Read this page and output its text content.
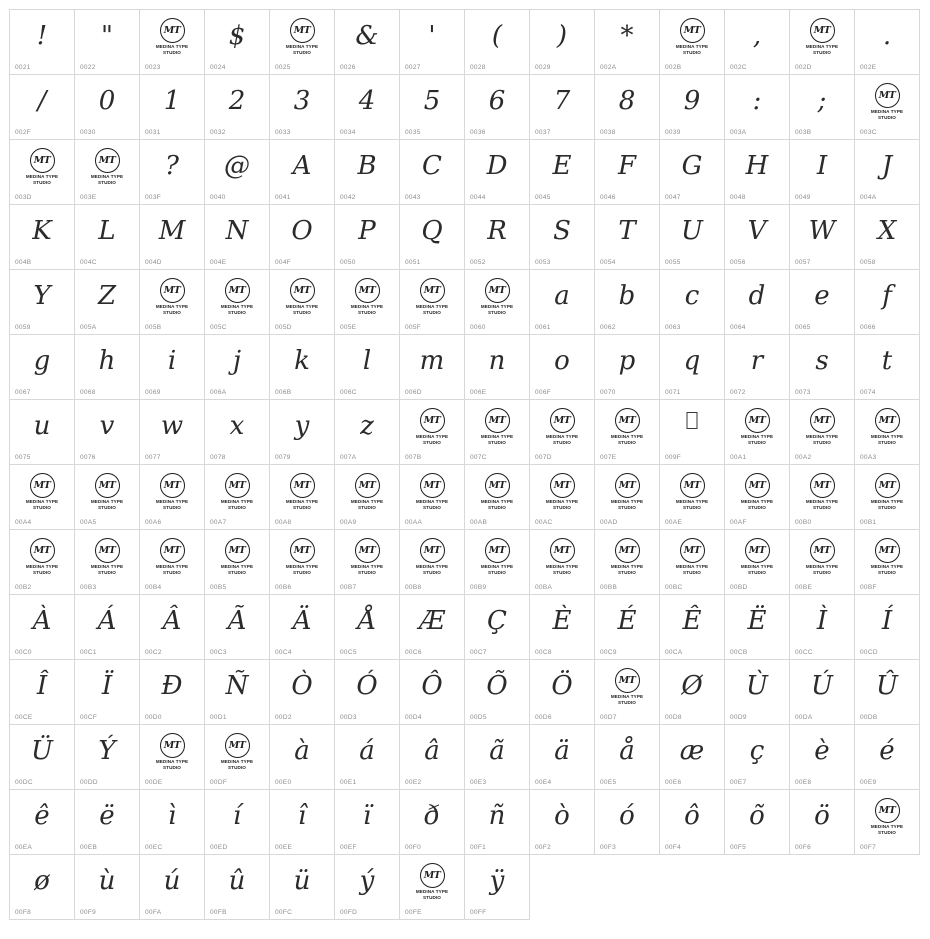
!
0021
"
0022
MT
MEDINA TYPE
STUDIO
0023
$
0024
MT
MEDINA TYPE
STUDIO
0025
&
0026
'
0027
(
0028
)
0029
*
002A
MT
MEDINA TYPE
STUDIO
002B
,
002C
MT
MEDINA TYPE
STUDIO
002D
.
002E
/
002F
0
0030
1
0031
2
0032
3
0033
4
0034
5
0035
6
0036
7
0037
8
0038
9
0039
:
003A
;
003B
MT
MEDINA TYPE
STUDIO
003C
MT
MEDINA TYPE
STUDIO
003D
MT
MEDINA TYPE
STUDIO
003E
?
003F
@
0040
A
0041
B
0042
C
0043
D
0044
E
0045
F
0046
G
0047
H
0048
I
0049
J
004A
K
004B
L
004C
M
004D
N
004E
O
004F
P
0050
Q
0051
R
0052
S
0053
T
0054
U
0055
V
0056
W
0057
X
0058
Y
0059
Z
005A
MT
MEDINA TYPE
STUDIO
005B
MT
MEDINA TYPE
STUDIO
005C
MT
MEDINA TYPE
STUDIO
005D
MT
MEDINA TYPE
STUDIO
005E
MT
MEDINA TYPE
STUDIO
005F
MT
MEDINA TYPE
STUDIO
0060
a
0061
b
0062
c
0063
d
0064
e
0065
f
0066
g
0067
h
0068
i
0069
j
006A
k
006B
l
006C
m
006D
n
006E
o
006F
p
0070
q
0071
r
0072
s
0073
t
0074
u
0075
v
0076
w
0077
x
0078
y
0079
z
007A
MT
MEDINA TYPE
STUDIO
007B
MT
MEDINA TYPE
STUDIO
007C
MT
MEDINA TYPE
STUDIO
007D
MT
MEDINA TYPE
STUDIO
007E	009F
MT
MEDINA TYPE
STUDIO
00A1
MT
MEDINA TYPE
STUDIO
00A2
MT
MEDINA TYPE
STUDIO
00A3
MT
MEDINA TYPE
STUDIO
00A4
MT
MEDINA TYPE
STUDIO
00A5
MT
MEDINA TYPE
STUDIO
00A6
MT
MEDINA TYPE
STUDIO
00A7
MT
MEDINA TYPE
STUDIO
00A8
MT
MEDINA TYPE
STUDIO
00A9
MT
MEDINA TYPE
STUDIO
00AA
MT
MEDINA TYPE
STUDIO
00AB
MT
MEDINA TYPE
STUDIO
00AC
MT
MEDINA TYPE
STUDIO
00AD
MT
MEDINA TYPE
STUDIO
00AE
MT
MEDINA TYPE
STUDIO
00AF
MT
MEDINA TYPE
STUDIO
00B0
MT
MEDINA TYPE
STUDIO
00B1
MT
MEDINA TYPE
STUDIO
00B2
MT
MEDINA TYPE
STUDIO
00B3
MT
MEDINA TYPE
STUDIO
00B4
MT
MEDINA TYPE
STUDIO
00B5
MT
MEDINA TYPE
STUDIO
00B6
MT
MEDINA TYPE
STUDIO
00B7
MT
MEDINA TYPE
STUDIO
00B8
MT
MEDINA TYPE
STUDIO
00B9
MT
MEDINA TYPE
STUDIO
00BA
MT
MEDINA TYPE
STUDIO
00BB
MT
MEDINA TYPE
STUDIO
00BC
MT
MEDINA TYPE
STUDIO
00BD
MT
MEDINA TYPE
STUDIO
00BE
MT
MEDINA TYPE
STUDIO
00BF
À
00C0
Á
00C1
Â
00C2
Ã
00C3
Ä
00C4
Å
00C5
Æ
00C6
Ç
00C7
È
00C8
É
00C9
Ê
00CA
Ë
00CB
Ì
00CC
Í
00CD
Î
00CE
Ï
00CF
Ð
00D0
Ñ
00D1
Ò
00D2
Ó
00D3
Ô
00D4
Õ
00D5
Ö
00D6
MT
MEDINA TYPE
STUDIO
00D7
Ø
00D8
Ù
00D9
Ú
00DA
Û
00DB
Ü
00DC
Ý
00DD
MT
MEDINA TYPE
STUDIO
00DE
MT
MEDINA TYPE
STUDIO
00DF
à
00E0
á
00E1
â
00E2
ã
00E3
ä
00E4
å
00E5
æ
00E6
ç
00E7
è
00E8
é
00E9
ê
00EA
ë
00EB
ì
00EC
í
00ED
î
00EE
ï
00EF
ð
00F0
ñ
00F1
ò
00F2
ó
00F3
ô
00F4
õ
00F5
ö
00F6
MT
MEDINA TYPE
STUDIO
00F7
ø
00F8
ù
00F9
ú
00FA
û
00FB
ü
00FC
ý
00FD
MT
MEDINA TYPE
STUDIO
00FE
ÿ
00FF
